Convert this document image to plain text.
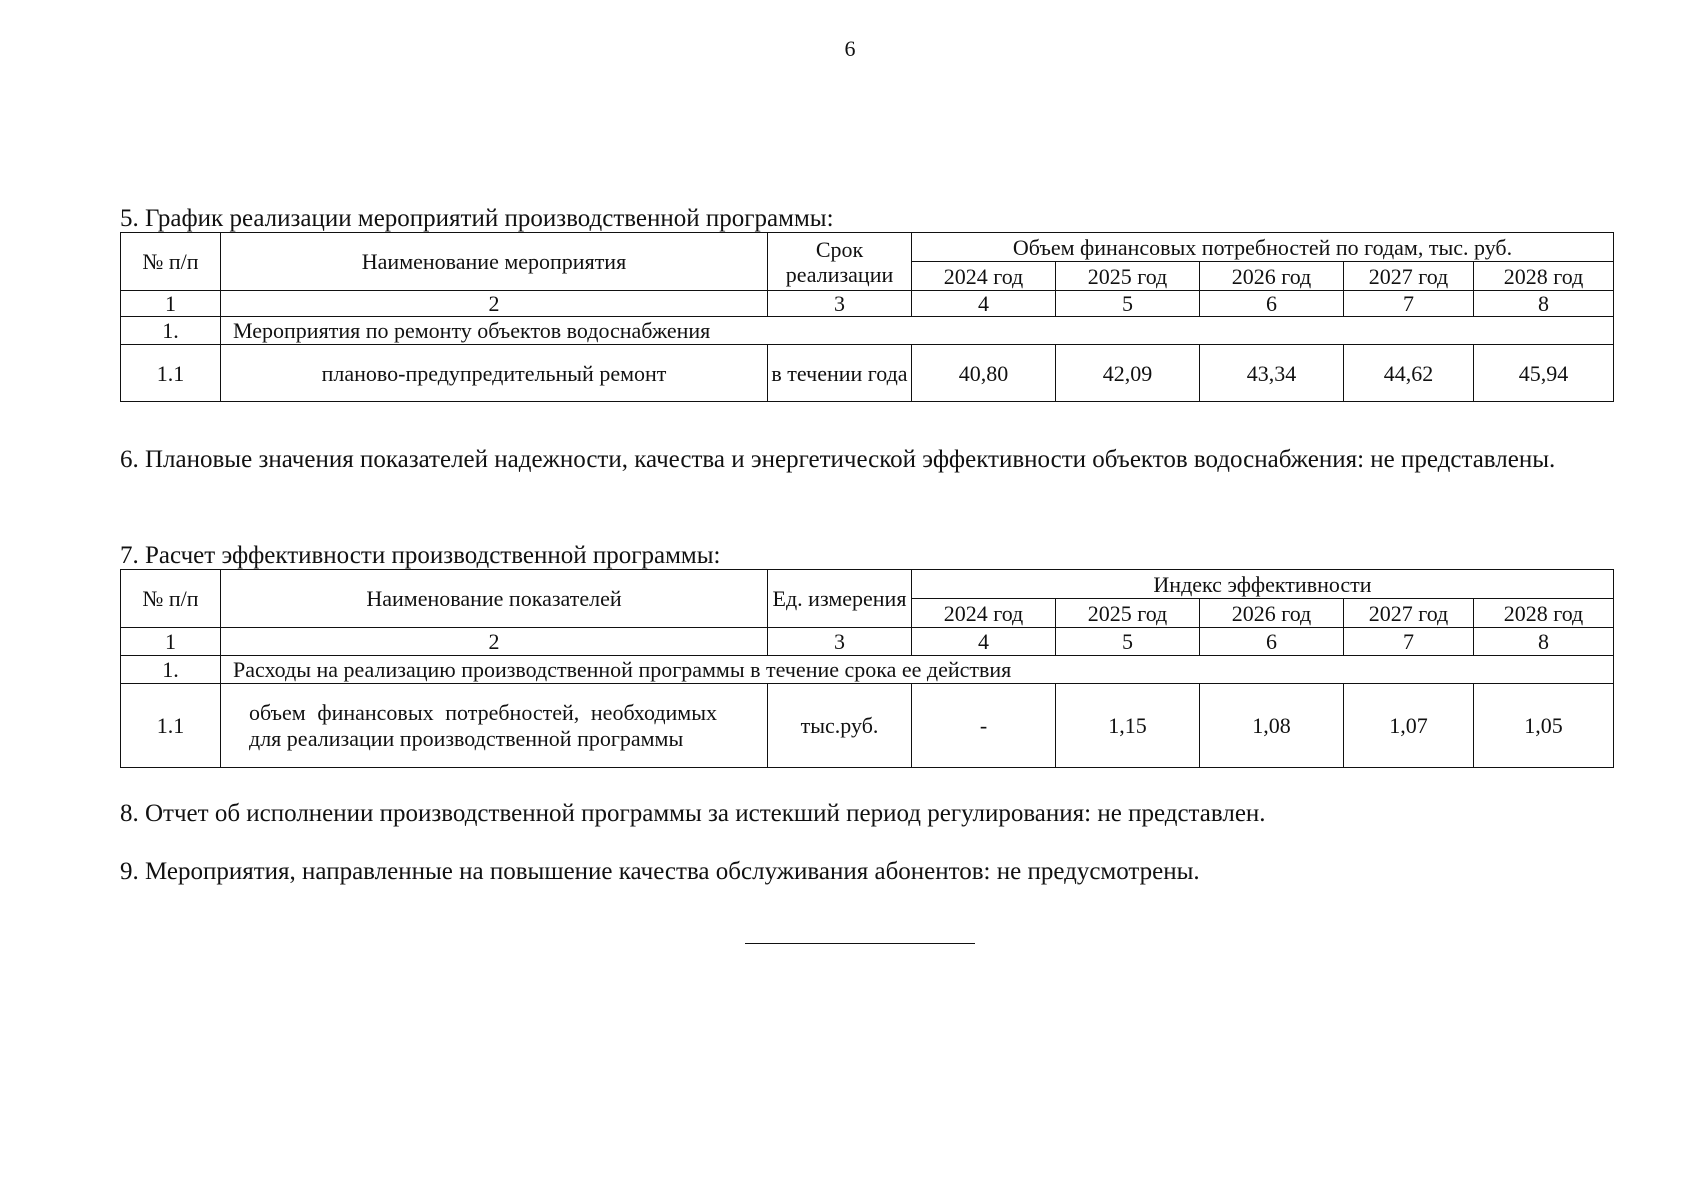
6
5. График реализации мероприятий производственной программы:
№ п/п	Наименование мероприятия	Срок реализации	Объем финансовых потребностей по годам, тыс. руб.				
			2024 год	2025 год	2026 год	2027 год	2028 год
1	2	3	4	5	6	7	8
1.	Мероприятия по ремонту объектов водоснабжения						
1.1	планово-предупредительный ремонт	в течении года	40,80	42,09	43,34	44,62	45,94
6. Плановые значения показателей надежности, качества и энергетической эффективности объектов водоснабжения: не представлены.
7. Расчет эффективности производственной программы:
№ п/п	Наименование показателей	Ед. измерения	Индекс эффективности				
			2024 год	2025 год	2026 год	2027 год	2028 год
1	2	3	4	5	6	7	8
1.	Расходы на реализацию производственной программы в течение срока ее действия						
1.1	объем финансовых потребностей, необходимых для реализации производственной программы	тыс.руб.	-	1,15	1,08	1,07	1,05
8. Отчет об исполнении производственной программы за истекший период регулирования: не представлен.
9. Мероприятия, направленные на повышение качества обслуживания абонентов: не предусмотрены.
